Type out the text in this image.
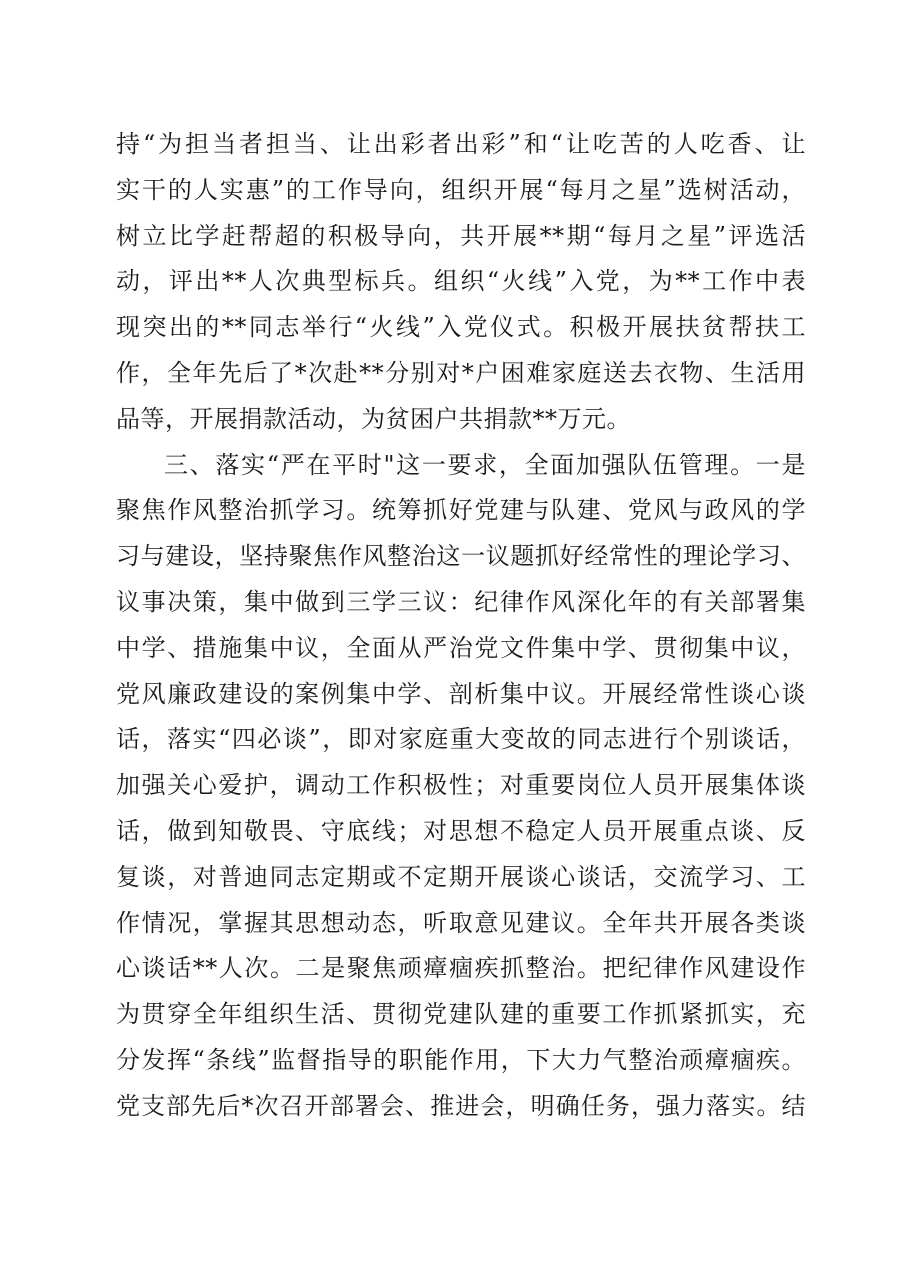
持“为担当者担当、让出彩者出彩”和“让吃苦的人吃香、让
实干的人实惠”的工作导向，组织开展“每月之星”选树活动，
树立比学赶帮超的积极导向，共开展**期“每月之星”评选活
动，评出**人次典型标兵。组织“火线”入党，为**工作中表
现突出的**同志举行“火线”入党仪式。积极开展扶贫帮扶工
作，全年先后了*次赴**分别对*户困难家庭送去衣物、生活用
品等，开展捐款活动，为贫困户共捐款**万元。
三、落实“严在平时"这一要求，全面加强队伍管理。一是
聚焦作风整治抓学习。统筹抓好党建与队建、党风与政风的学
习与建设，坚持聚焦作风整治这一议题抓好经常性的理论学习、
议事决策，集中做到三学三议：纪律作风深化年的有关部署集
中学、措施集中议，全面从严治党文件集中学、贯彻集中议，
党风廉政建设的案例集中学、剖析集中议。开展经常性谈心谈
话，落实“四必谈”，即对家庭重大变故的同志进行个别谈话，
加强关心爱护，调动工作积极性；对重要岗位人员开展集体谈
话，做到知敬畏、守底线；对思想不稳定人员开展重点谈、反
复谈，对普迪同志定期或不定期开展谈心谈话，交流学习、工
作情况，掌握其思想动态，听取意见建议。全年共开展各类谈
心谈话**人次。二是聚焦顽瘴痼疾抓整治。把纪律作风建设作
为贯穿全年组织生活、贯彻党建队建的重要工作抓紧抓实，充
分发挥“条线”监督指导的职能作用，下大力气整治顽瘴痼疾。
党支部先后*次召开部署会、推进会，明确任务，强力落实。结
